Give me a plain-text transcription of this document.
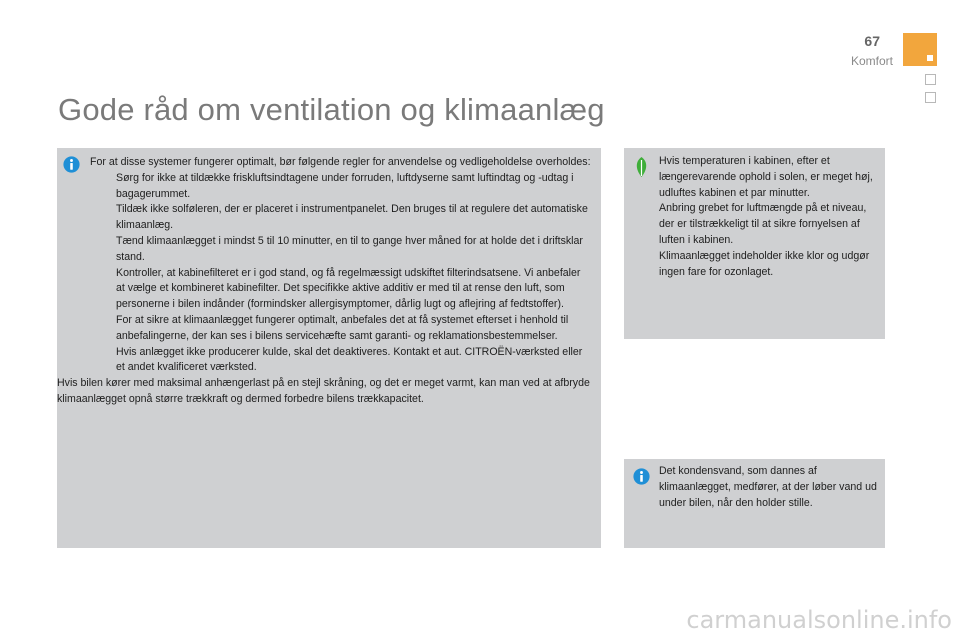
67
Komfort
Gode råd om ventilation og klimaanlæg

For at disse systemer fungerer optimalt, bør følgende regler for anvendelse og vedligeholdelse overholdes:

Sørg for ikke at tildække friskluftsindtagene under forruden, luftdyserne samt luftindtag og -udtag i bagagerummet.
Tildæk ikke solføleren, der er placeret i instrumentpanelet. Den bruges til at regulere det automatiske klimaanlæg.
Tænd klimaanlægget i mindst 5 til 10 minutter, en til to gange hver måned for at holde det i driftsklar stand.
Kontroller, at kabinefilteret er i god stand, og få regelmæssigt udskiftet filterindsatsene. Vi anbefaler at vælge et kombineret kabinefilter. Det specifikke aktive additiv er med til at rense den luft, som personerne i bilen indånder (formindsker allergisymptomer, dårlig lugt og aflejring af fedtstoffer).
For at sikre at klimaanlægget fungerer optimalt, anbefales det at få systemet efterset i henhold til anbefalingerne, der kan ses i bilens servicehæfte samt garanti- og reklamationsbestemmelser.
Hvis anlægget ikke producerer kulde, skal det deaktiveres. Kontakt et aut. CITROËN-værksted eller et andet kvalificeret værksted.

Hvis bilen kører med maksimal anhængerlast på en stejl skråning, og det er meget varmt, kan man ved at afbryde klimaanlægget opnå større trækkraft og dermed forbedre bilens trækkapacitet.

Hvis temperaturen i kabinen, efter et længerevarende ophold i solen, er meget høj, udluftes kabinen et par minutter.

Anbring grebet for luftmængde på et niveau, der er tilstrækkeligt til at sikre fornyelsen af luften i kabinen.

Klimaanlægget indeholder ikke klor og udgør ingen fare for ozonlaget.

Det kondensvand, som dannes af klimaanlægget, medfører, at der løber vand ud under bilen, når den holder stille.

carmanualsonline.info
